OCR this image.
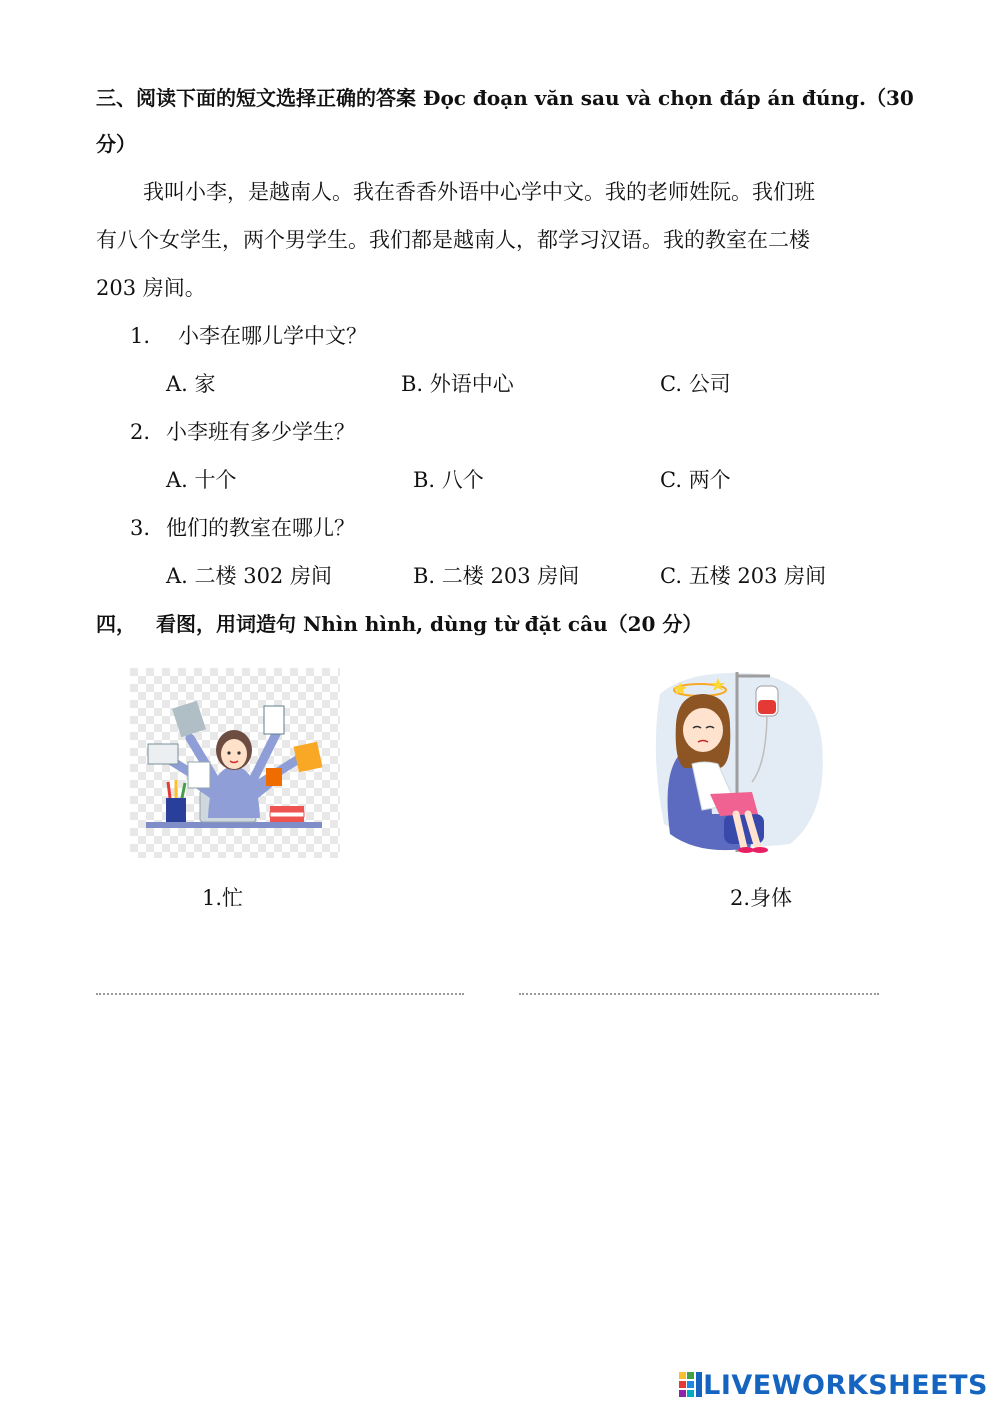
三、阅读下面的短文选择正确的答案 Đọc đoạn văn sau và chọn đáp án đúng.（30
分）
我叫小李，是越南人。我在香香外语中心学中文。我的老师姓阮。我们班
有八个女学生，两个男学生。我们都是越南人，都学习汉语。我的教室在二楼
203 房间。
1. 小李在哪儿学中文？
A. 家	B. 外语中心	C. 公司
2. 小李班有多少学生？
A. 十个	B. 八个	C. 两个
3. 他们的教室在哪儿？
A. 二楼 302 房间	B. 二楼 203 房间	C. 五楼 203 房间
四， 看图，用词造句 Nhìn hình, dùng từ đặt câu（20 分）
1.忙	2.身体
LIVEWORKSHEETS
